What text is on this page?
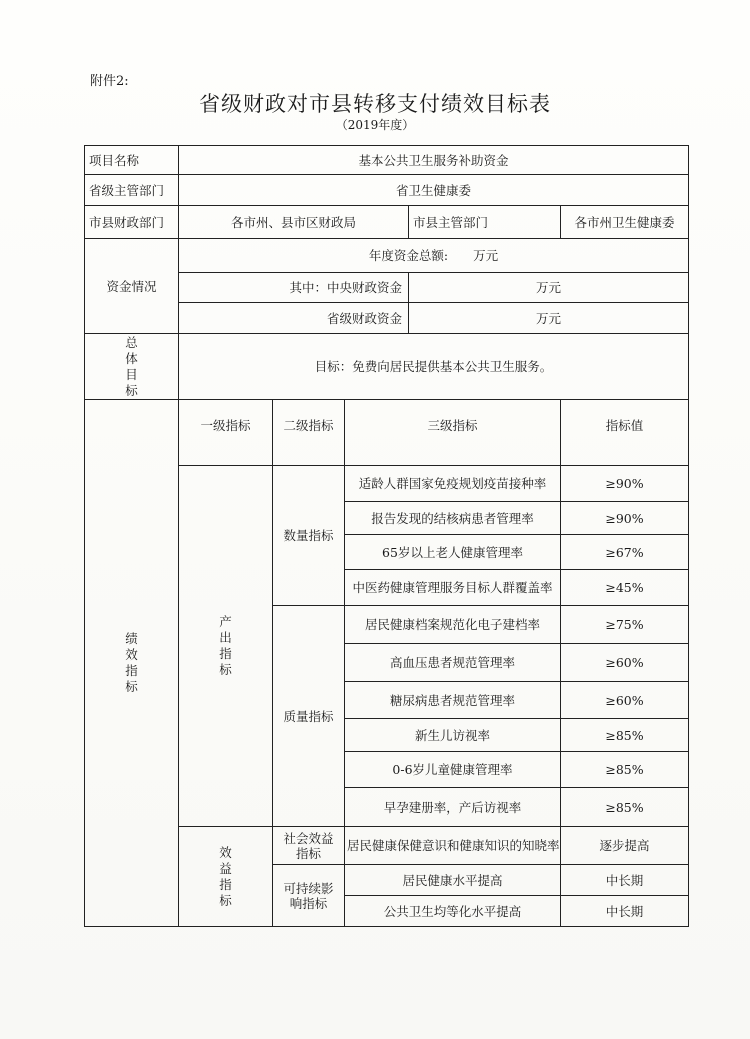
附件2:
省级财政对市县转移支付绩效目标表
（2019年度）
项目名称	基本公共卫生服务补助资金				
省级主管部门	省卫生健康委				
市县财政部门	各市州、县市区财政局			市县主管部门	各市州卫生健康委
资金情况	年度资金总额:　　万元				
	其中：中央财政资金			万元	
	省级财政资金			万元	
总体目标	目标：免费向居民提供基本公共卫生服务。				
绩效指标	一级指标	二级指标	三级指标		指标值
	产出指标	数量指标	适龄人群国家免疫规划疫苗接种率		≥90%
			报告发现的结核病患者管理率		≥90%
			65岁以上老人健康管理率		≥67%
			中医药健康管理服务目标人群覆盖率		≥45%
		质量指标	居民健康档案规范化电子建档率		≥75%
			高血压患者规范管理率		≥60%
			糖尿病患者规范管理率		≥60%
			新生儿访视率		≥85%
			0-6岁儿童健康管理率		≥85%
			早孕建册率，产后访视率		≥85%
	效益指标	社会效益指标	居民健康保健意识和健康知识的知晓率		逐步提高
		可持续影响指标	居民健康水平提高		中长期
			公共卫生均等化水平提高		中长期
